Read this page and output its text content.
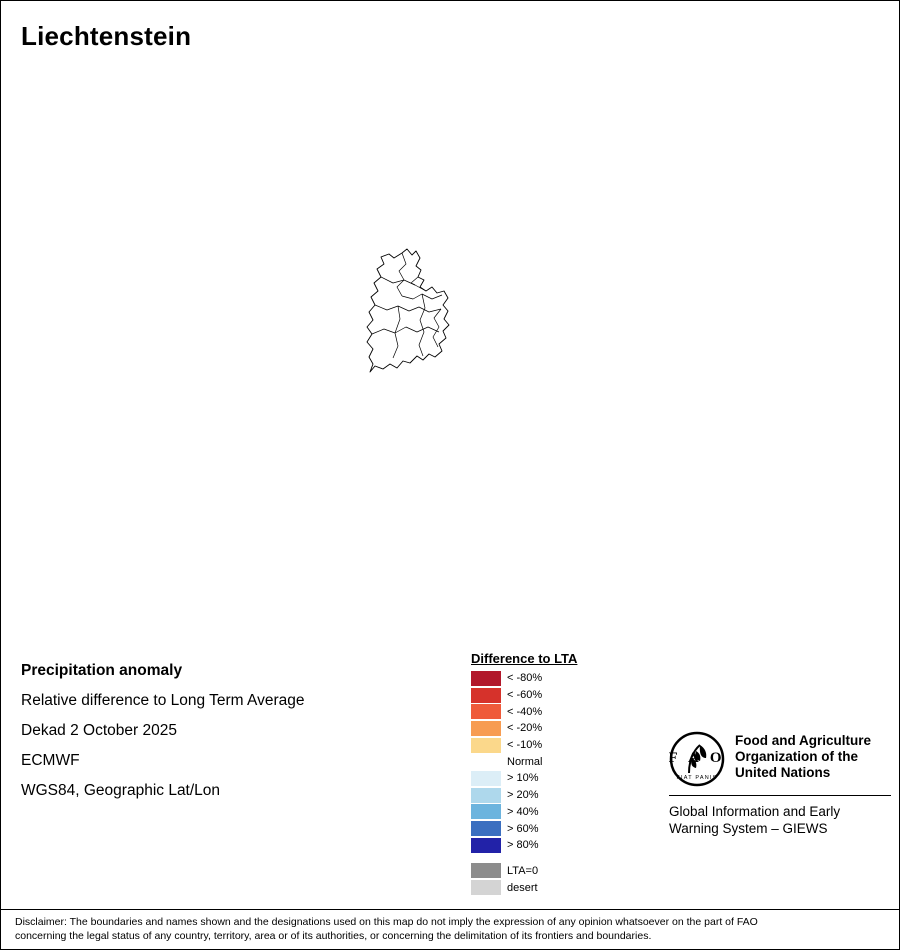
Liechtenstein
Precipitation anomaly
Relative difference to Long Term Average
Dekad 2 October 2025
ECMWF
WGS84, Geographic Lat/Lon
Difference to LTA
< -80%
< -60%
< -40%
< -20%
< -10%
Normal
> 10%
> 20%
> 40%
> 60%
> 80%
LTA=0
desert
F A O
FIAT PANIS
Food and Agriculture
Organization of the
United Nations
Global Information and Early
Warning System – GIEWS
Disclaimer: The boundaries and names shown and the designations used on this map do not imply the expression of any opinion whatsoever on the part of FAO
concerning the legal status of any country, territory, area or of its authorities, or concerning the delimitation of its frontiers and boundaries.
